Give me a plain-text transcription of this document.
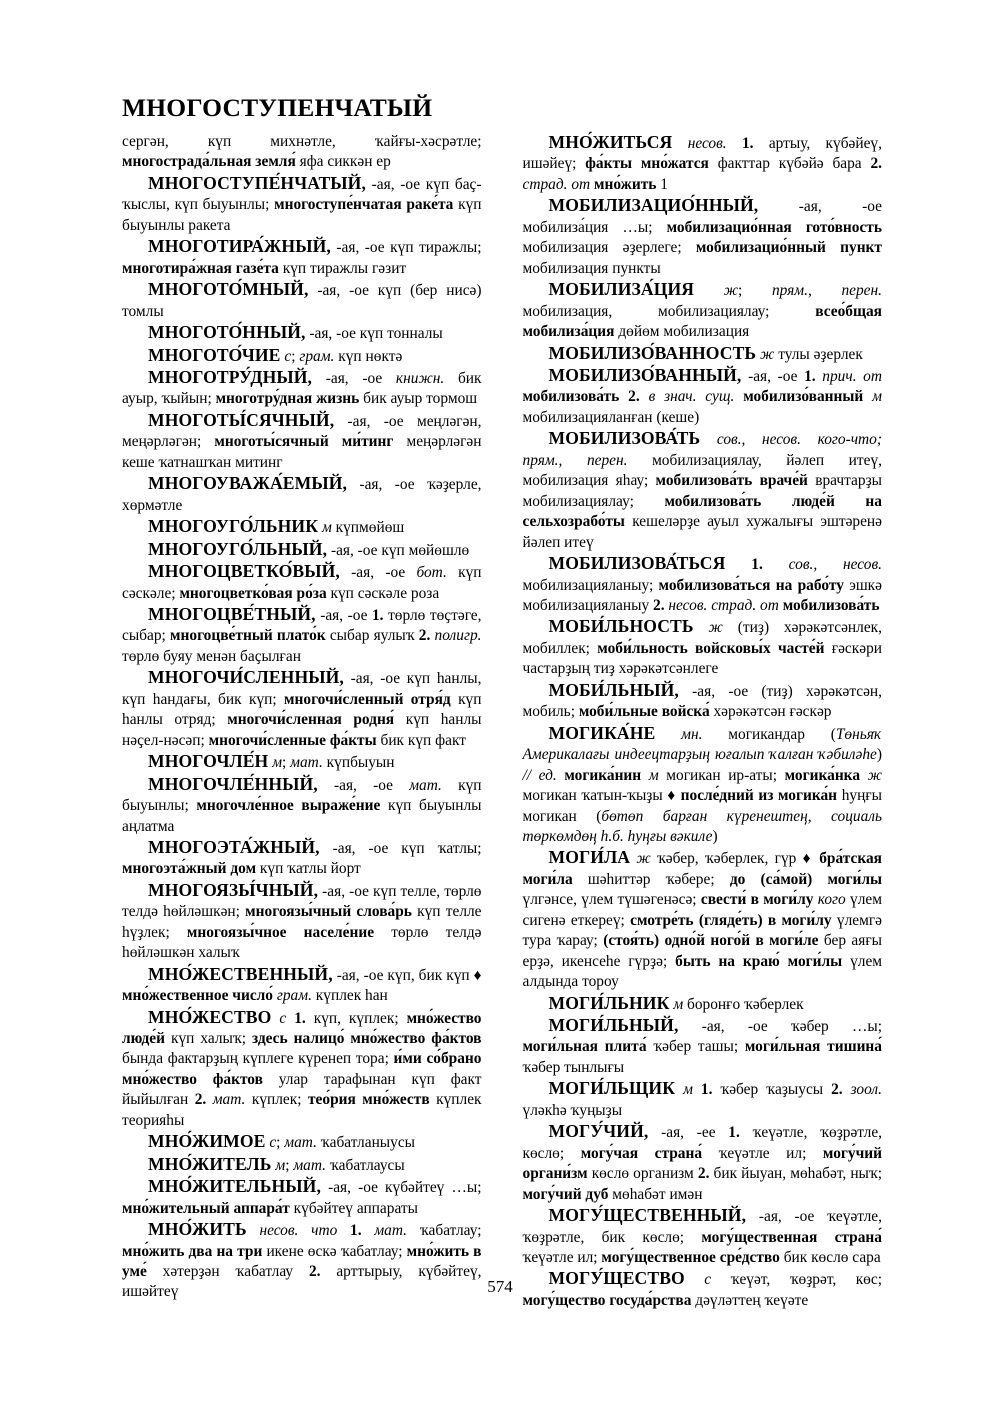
МНОГОСТУПЕНЧАТЫЙ

сергән, күп михнәтле, ҡайғы-хәсрәтле; многострада́льная земля́ яфа сиккән ер

МНОГОСТУПЕ́НЧАТЫЙ, -ая, -ое күп баҫ-ҡыслы, күп быуынлы; многоступе́нчатая раке́та күп быуынлы ракета

МНОГОТИРА́ЖНЫЙ, -ая, -ое күп тиражлы; многотира́жная газе́та күп тиражлы гәзит

МНОГОТО́МНЫЙ, -ая, -ое күп (бер нисә) томлы

МНОГОТО́ННЫЙ, -ая, -ое күп тонналы

МНОГОТО́ЧИЕ с; грам. күп нөктә

МНОГОТРУ́ДНЫЙ, -ая, -ое книжн. бик ауыр, ҡыйын; многотру́дная жизнь бик ауыр тормош

МНОГОТЫ́СЯЧНЫЙ, -ая, -ое меңләгән, меңәрләгән; многоты́сячный ми́тинг меңәрләгән кеше ҡатнашҡан митинг

МНОГОУВАЖА́ЕМЫЙ, -ая, -ое ҡәҙерле, хөрмәтле

МНОГОУГО́ЛЬНИК м күпмөйөш

МНОГОУГО́ЛЬНЫЙ, -ая, -ое күп мөйөшлө

МНОГОЦВЕТКО́ВЫЙ, -ая, -ое бот. күп сәскәле; многоцветко́вая ро́за күп сәскәле роза

МНОГОЦВЕ́ТНЫЙ, -ая, -ое 1. төрлө төҫтәге, сыбар; многоцве́тный плато́к сыбар яулыҡ 2. полигр. төрлө буяу менән баҫылған

МНОГОЧИ́СЛЕННЫЙ, -ая, -ое күп һанлы, күп һандағы, бик күп; многочи́сленный отря́д күп һанлы отряд; многочи́сленная родня́ күп һанлы нәҫел-нәсәп; многочи́сленные фа́кты бик күп факт

МНОГОЧЛЕ́Н м; мат. күпбыуын

МНОГОЧЛЕ́ННЫЙ, -ая, -ое мат. күп быуынлы; многочле́нное выраже́ние күп быуынлы аңлатма

МНОГОЭТА́ЖНЫЙ, -ая, -ое күп ҡатлы; многоэта́жный дом күп ҡатлы йорт

МНОГОЯЗЫ́ЧНЫЙ, -ая, -ое күп телле, төрлө телдә һөйләшкән; многоязы́чный слова́рь күп телле һүҙлек; многоязы́чное населе́ние төрлө телдә һөйләшкән халыҡ

МНО́ЖЕСТВЕННЫЙ, -ая, -ое күп, бик күп ♦ мно́жественное число́ грам. күплек һан

МНО́ЖЕСТВО с 1. күп, күплек; мно́жество люде́й күп халыҡ; здесь налицо́ мно́жество фа́ктов бында фактарҙың күплеге күренеп тора; и́ми со́брано мно́жество фа́ктов улар тарафынан күп факт йыйылған 2. мат. күплек; тео́рия мно́жеств күплек теорияһы

МНО́ЖИМОЕ с; мат. ҡабатланыусы

МНО́ЖИТЕЛЬ м; мат. ҡабатлаусы

МНО́ЖИТЕЛЬНЫЙ, -ая, -ое күбәйтеү …ы; мно́жительный аппара́т күбәйтеү аппараты

МНО́ЖИТЬ несов. что 1. мат. ҡабатлау; мно́жить два на три икене өскә ҡабатлау; мно́жить в уме́ хәтерҙән ҡабатлау 2. арттырыу, күбәйтеү, ишәйтеү

МНО́ЖИТЬСЯ несов. 1. артыу, күбәйеү, ишәйеү; фа́кты мно́жатся факттар күбәйә бара 2. страд. от мно́жить 1

МОБИЛИЗАЦИО́ННЫЙ, -ая, -ое мобилиза́ция …ы; мобилизацио́нная гото́вность мобилизация әҙерлеге; мобилизацио́нный пункт мобилизация пункты

МОБИЛИЗА́ЦИЯ ж; прям., перен. мобилизация, мобилизациялау; всео́бщая мобилиза́ция дөйөм мобилизация

МОБИЛИЗО́ВАННОСТЬ ж тулы әҙерлек

МОБИЛИЗО́ВАННЫЙ, -ая, -ое 1. прич. от мобилизова́ть 2. в знач. сущ. мобилизо́ванный м мобилизацияланған (кеше)

МОБИЛИЗОВА́ТЬ сов., несов. кого-что; прям., перен. мобилизациялау, йәлеп итеү, мобилизация яһау; мобилизова́ть враче́й врачтарҙы мобилизациялау; мобилизова́ть люде́й на сельхозрабо́ты кешеләрҙе ауыл хужалығы эштәренә йәлеп итеү

МОБИЛИЗОВА́ТЬСЯ 1. сов., несов. мобилизацияланыу; мобилизова́ться на рабо́ту эшкә мобилизацияланыу 2. несов. страд. от мобилизова́ть

МОБИ́ЛЬНОСТЬ ж (тиҙ) хәрәкәтсәнлек, мобиллек; моби́льность войсковы́х часте́й ғәскәри частарҙың тиҙ хәрәкәтсәнлеге

МОБИ́ЛЬНЫЙ, -ая, -ое (тиҙ) хәрәкәтсән, мобиль; моби́льные войска́ хәрәкәтсән ғәскәр

МОГИКА́НЕ мн. могикандар (Төньяҡ Америкалағы индеецтарҙың юғалып ҡалған ҡәбиләһе) // ед. могика́нин м могикан ир-аты; могика́нка ж могикан ҡатын-ҡыҙы ♦ после́дний из могика́н һуңғы могикан (бөтөп барған күренештең, социаль төркөмдөң һ.б. һуңғы вәкиле)

МОГИ́ЛА ж ҡәбер, ҡәберлек, гүр ♦ бра́тская моги́ла шәһиттәр ҡәбере; до (са́мой) моги́лы үлгәнсе, үлем түшәгенәсә; свести́ в моги́лу кого үлем сигенә еткереү; смотре́ть (гляде́ть) в моги́лу үлемгә тура ҡарау; (стоя́ть) одно́й ного́й в моги́ле бер аяғы ерҙә, икенсеһе гүрҙә; быть на краю́ моги́лы үлем алдында тороу

МОГИ́ЛЬНИК м боронғо ҡәберлек

МОГИ́ЛЬНЫЙ, -ая, -ое ҡәбер …ы; моги́льная плита́ ҡәбер ташы; моги́льная тишина́ ҡәбер тынлығы

МОГИ́ЛЬЩИК м 1. ҡәбер ҡаҙыусы 2. зоол. үләкһә ҡуңыҙы

МОГУ́ЧИЙ, -ая, -ее 1. ҡеүәтле, ҡөҙрәтле, көслө; могу́чая страна́ ҡеүәтле ил; могу́чий органи́зм көслө организм 2. бик йыуан, мөһабәт, ныҡ; могу́чий дуб мөһабәт имән

МОГУ́ЩЕСТВЕННЫЙ, -ая, -ое ҡеүәтле, ҡөҙрәтле, бик көслө; могу́щественная страна́ ҡеүәтле ил; могу́щественное сре́дство бик көслө сара

МОГУ́ЩЕСТВО с ҡеүәт, ҡөҙрәт, көс; могу́щество госуда́рства дәүләттең ҡеүәте

574
